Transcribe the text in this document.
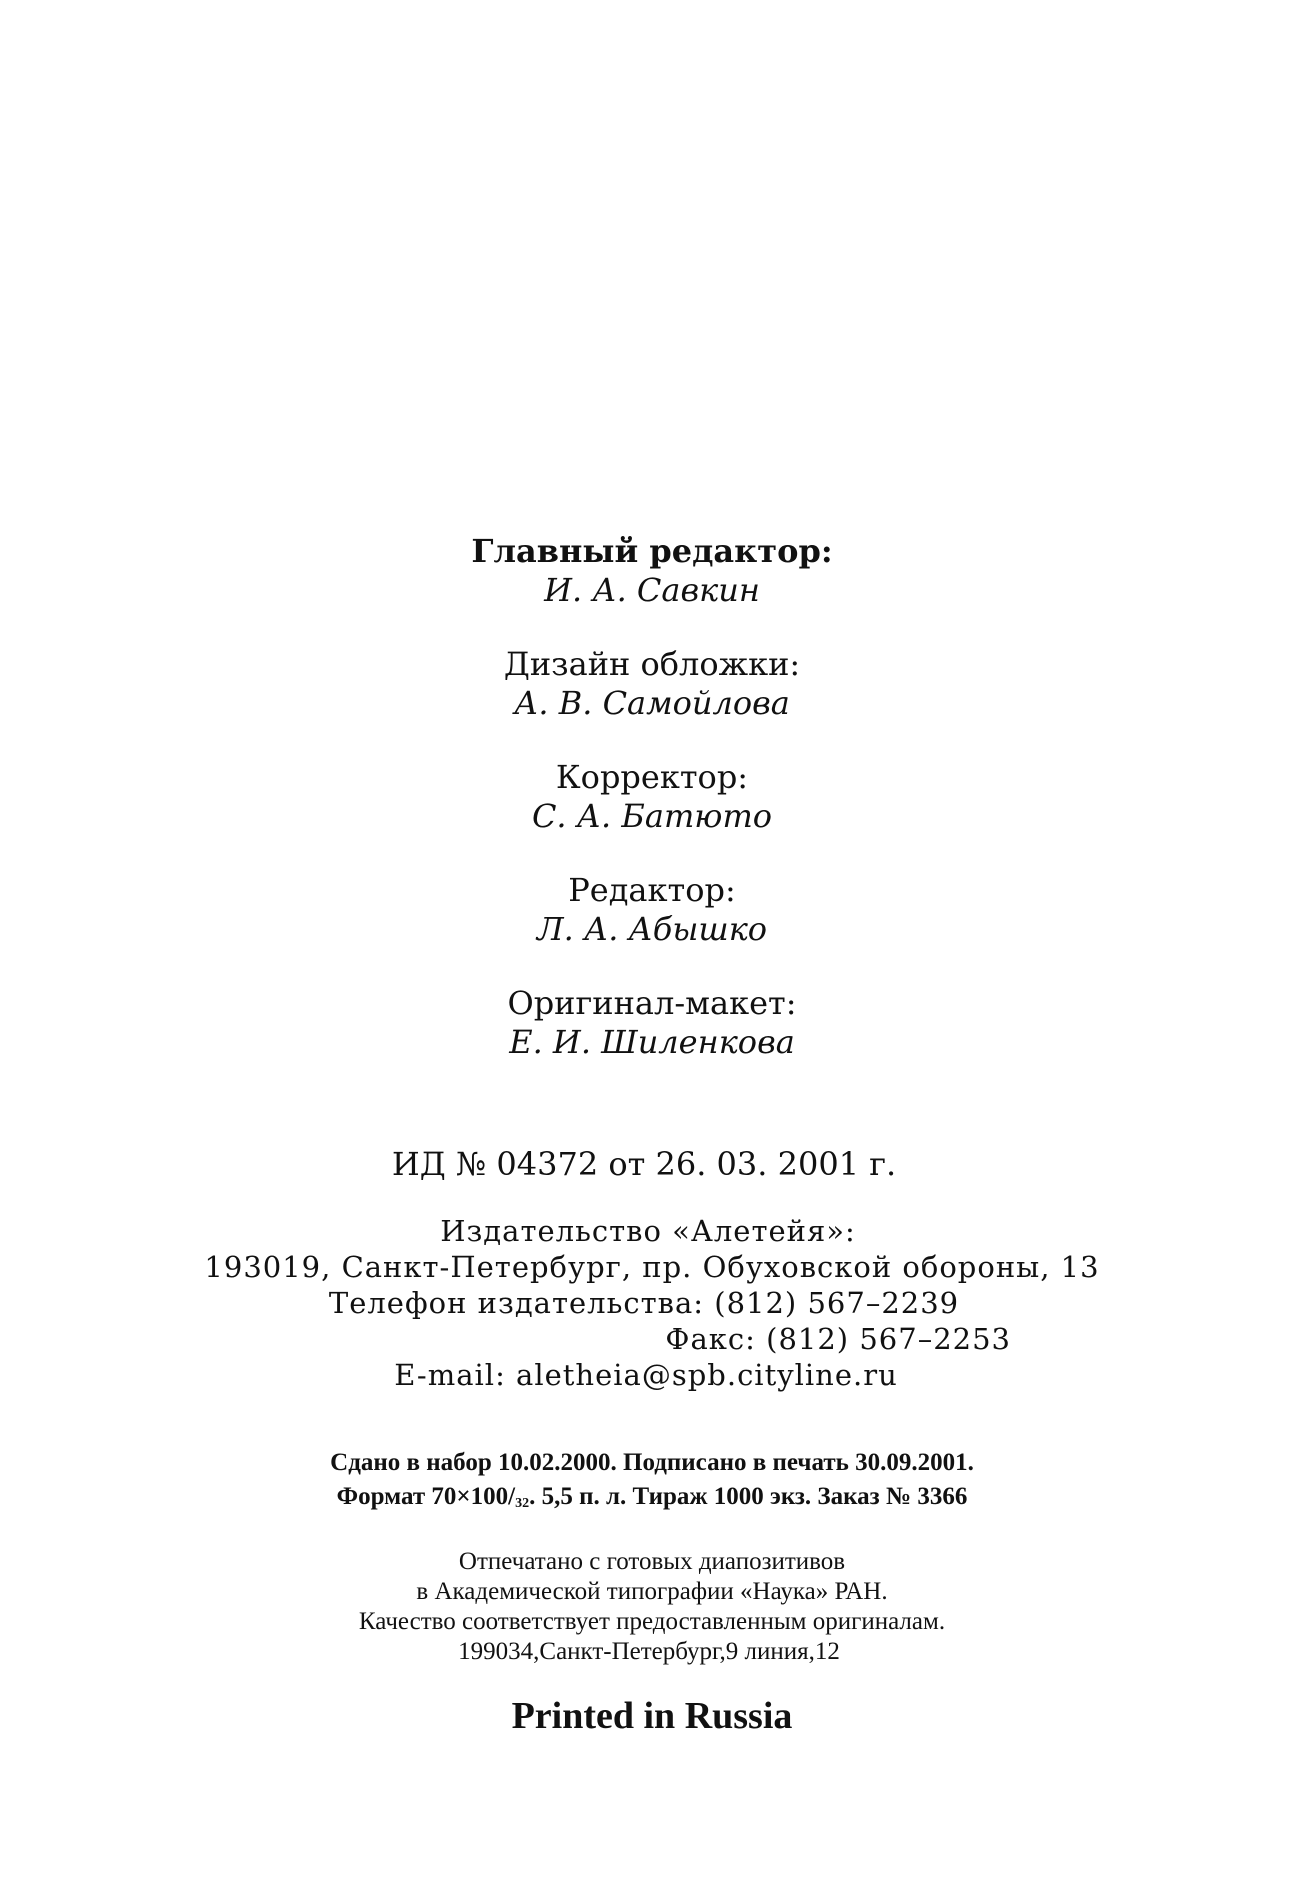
Главный редактор:
И. А. Савкин
Дизайн обложки:
А. В. Самойлова
Корректор:
С. А. Батюто
Редактор:
Л. А. Абышко
Оригинал-макет:
Е. И. Шиленкова
ИД № 04372 от 26. 03. 2001 г.
Издательство «Алетейя»:
193019, Санкт-Петербург, пр. Обуховской обороны, 13
Телефон издательства: (812) 567–2239
Факс: (812) 567–2253
E-mail: aletheia@spb.cityline.ru
Сдано в набор 10.02.2000. Подписано в печать 30.09.2001.
Формат $70\times 100/_{32}$. 5,5 п. л. Тираж 1000 экз. Заказ № 3366
Отпечатано с готовых диапозитивов
в Академической типографии «Наука» РАН.
Качество соответствует предоставленным оригиналам.
199034,Санкт-Петербург,9 линия,12
Printed in Russia
